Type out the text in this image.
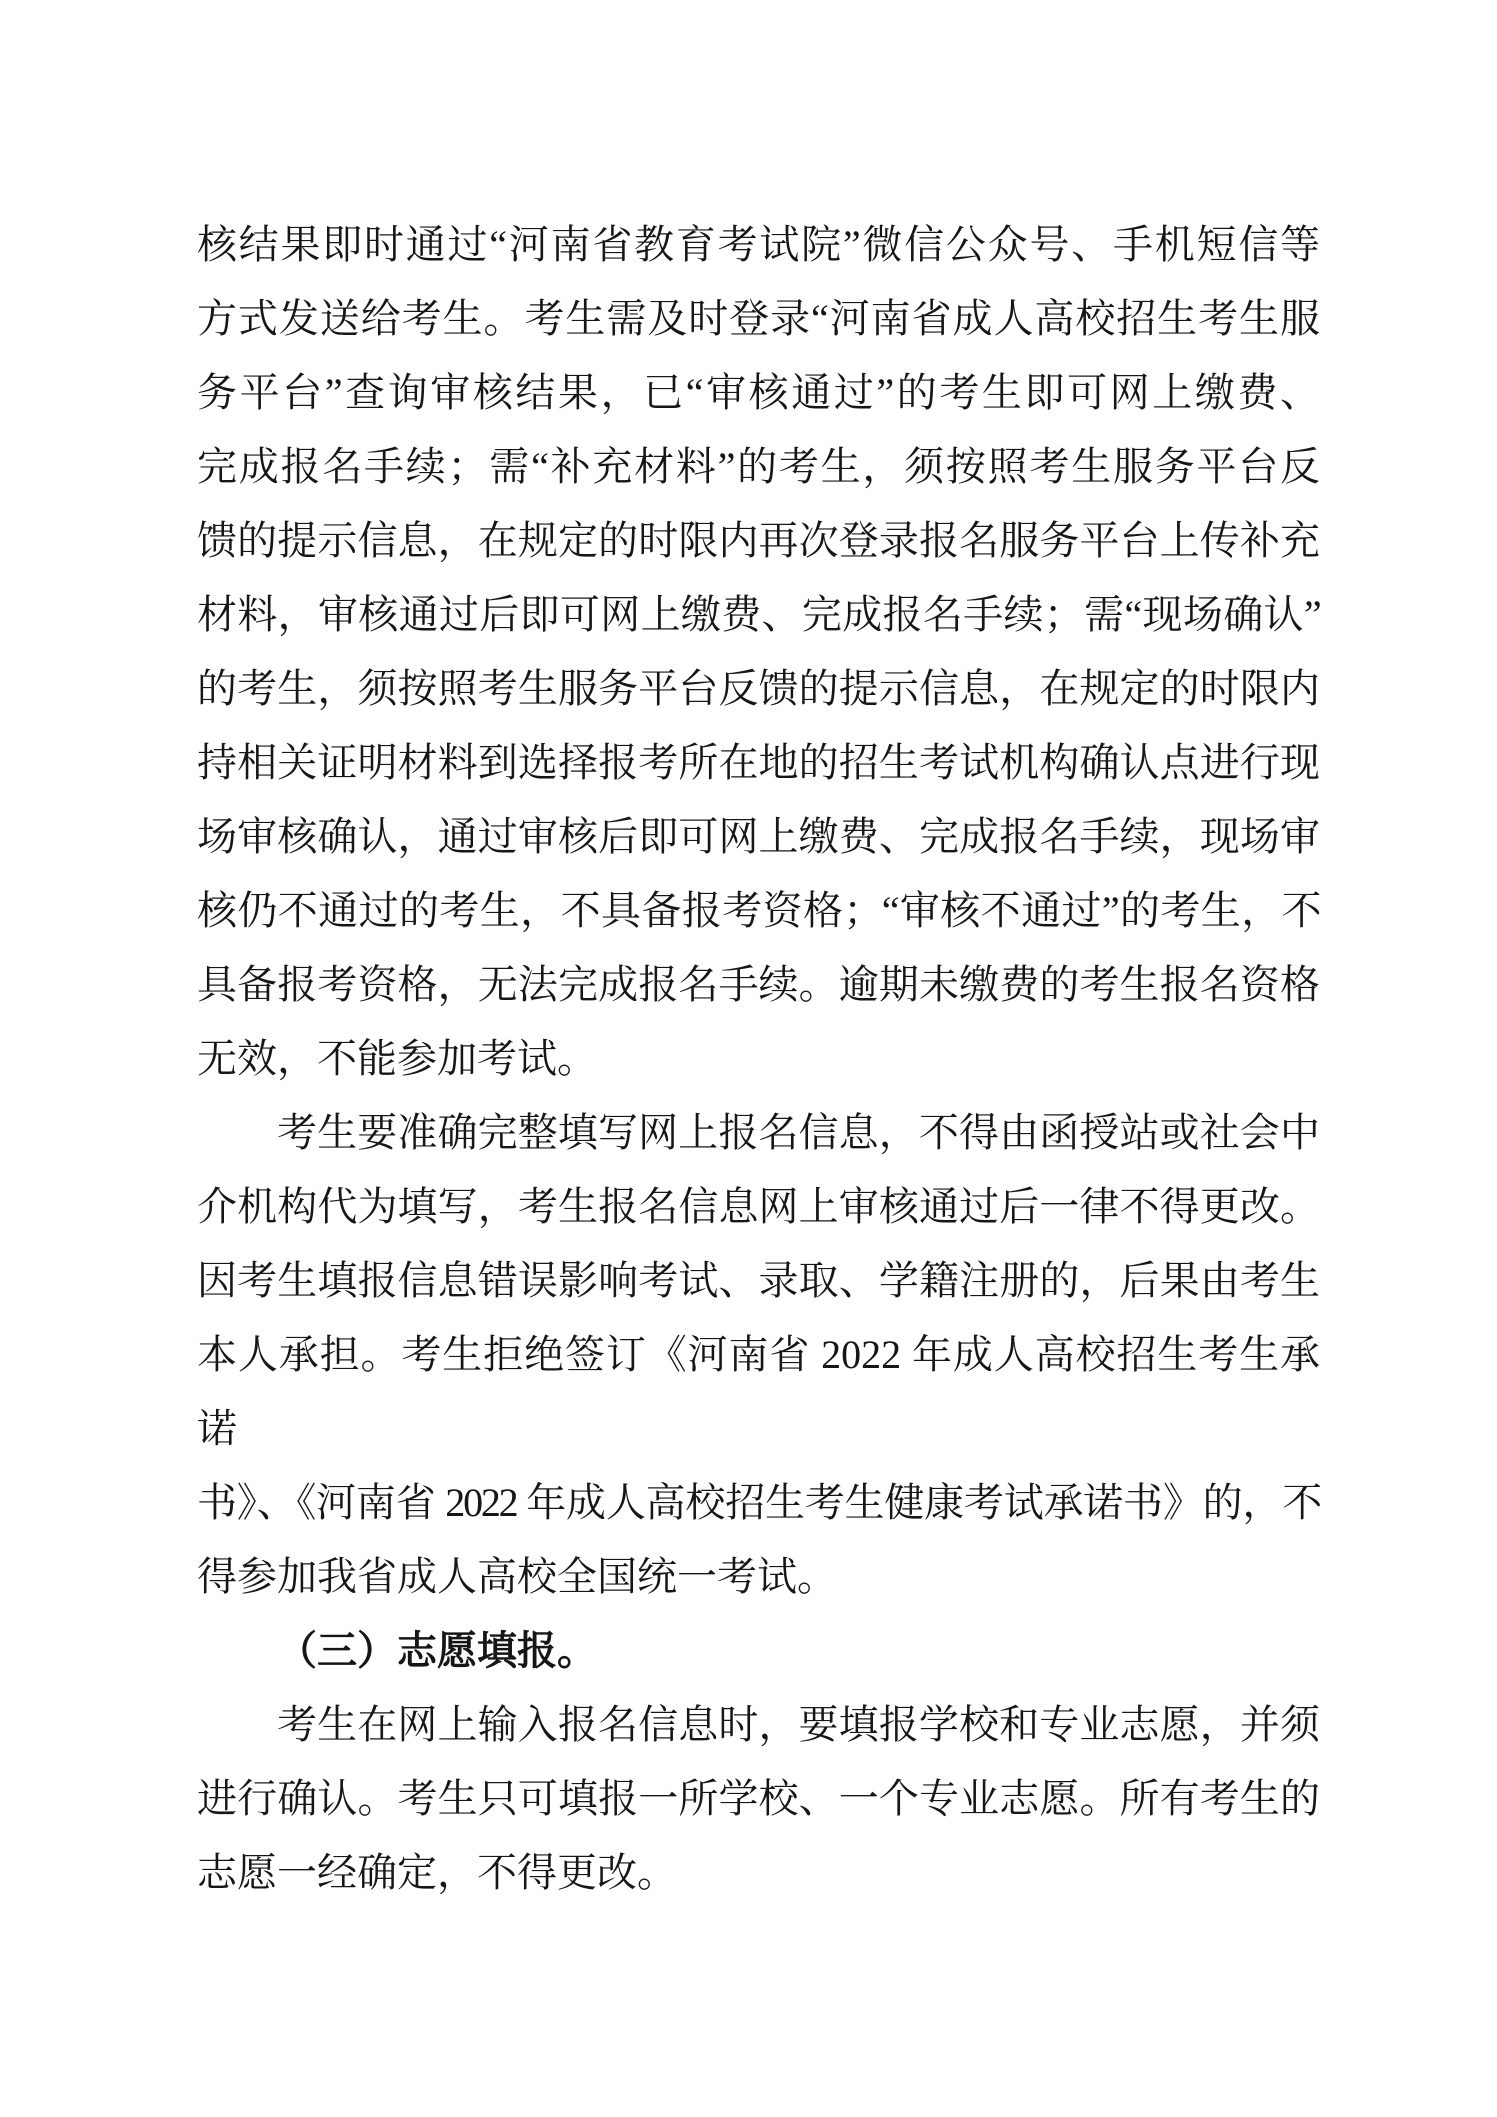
核结果即时通过“河南省教育考试院”微信公众号、手机短信等
方式发送给考生。考生需及时登录“河南省成人高校招生考生服
务平台”查询审核结果，已“审核通过”的考生即可网上缴费、
完成报名手续；需“补充材料”的考生，须按照考生服务平台反
馈的提示信息，在规定的时限内再次登录报名服务平台上传补充
材料，审核通过后即可网上缴费、完成报名手续；需“现场确认”
的考生，须按照考生服务平台反馈的提示信息，在规定的时限内
持相关证明材料到选择报考所在地的招生考试机构确认点进行现
场审核确认，通过审核后即可网上缴费、完成报名手续，现场审
核仍不通过的考生，不具备报考资格；“审核不通过”的考生，不
具备报考资格，无法完成报名手续。逾期未缴费的考生报名资格
无效，不能参加考试。
考生要准确完整填写网上报名信息，不得由函授站或社会中
介机构代为填写，考生报名信息网上审核通过后一律不得更改。
因考生填报信息错误影响考试、录取、学籍注册的，后果由考生
本人承担。考生拒绝签订《河南省 2022 年成人高校招生考生承诺
书》、《河南省 2022 年成人高校招生考生健康考试承诺书》的，不
得参加我省成人高校全国统一考试。
（三）志愿填报。
考生在网上输入报名信息时，要填报学校和专业志愿，并须
进行确认。考生只可填报一所学校、一个专业志愿。所有考生的
志愿一经确定，不得更改。
